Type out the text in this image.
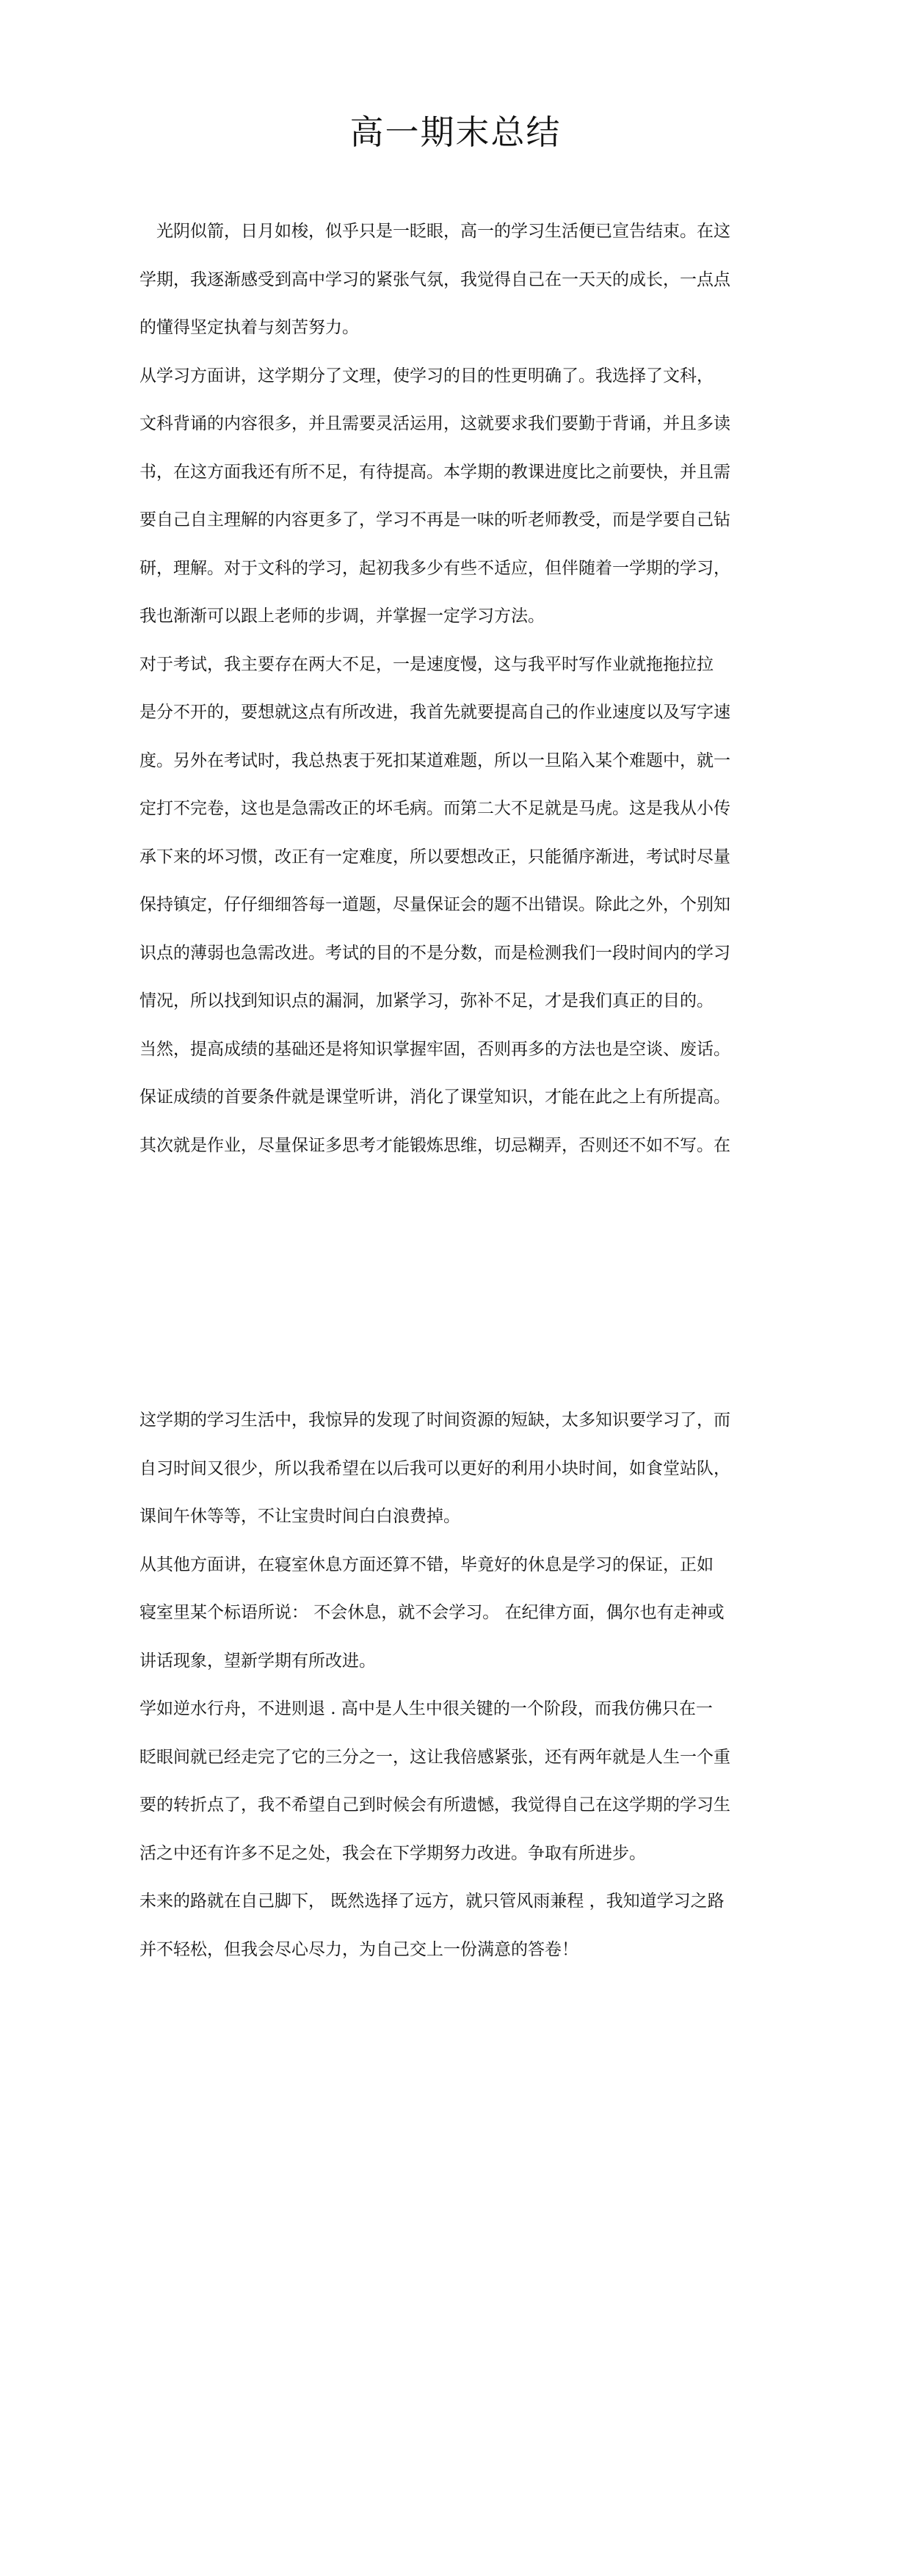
高一期末总结

　光阴似箭，日月如梭，似乎只是一眨眼，高一的学习生活便已宣告结束。在这
学期，我逐渐感受到高中学习的紧张气氛，我觉得自己在一天天的成长，一点点
的懂得坚定执着与刻苦努力。

从学习方面讲，这学期分了文理，使学习的目的性更明确了。我选择了文科，
文科背诵的内容很多，并且需要灵活运用，这就要求我们要勤于背诵，并且多读
书，在这方面我还有所不足，有待提高。本学期的教课进度比之前要快，并且需
要自己自主理解的内容更多了，学习不再是一味的听老师教受，而是学要自己钻
研，理解。对于文科的学习，起初我多少有些不适应，但伴随着一学期的学习，
我也渐渐可以跟上老师的步调，并掌握一定学习方法。

对于考试，我主要存在两大不足，一是速度慢，这与我平时写作业就拖拖拉拉
是分不开的，要想就这点有所改进，我首先就要提高自己的作业速度以及写字速
度。另外在考试时，我总热衷于死扣某道难题，所以一旦陷入某个难题中，就一
定打不完卷，这也是急需改正的坏毛病。而第二大不足就是马虎。这是我从小传
承下来的坏习惯，改正有一定难度，所以要想改正，只能循序渐进，考试时尽量
保持镇定，仔仔细细答每一道题，尽量保证会的题不出错误。除此之外，个别知
识点的薄弱也急需改进。考试的目的不是分数，而是检测我们一段时间内的学习
情况，所以找到知识点的漏洞，加紧学习，弥补不足，才是我们真正的目的。

当然，提高成绩的基础还是将知识掌握牢固，否则再多的方法也是空谈、废话。
保证成绩的首要条件就是课堂听讲，消化了课堂知识，才能在此之上有所提高。
其次就是作业，尽量保证多思考才能锻炼思维，切忌糊弄，否则还不如不写。在

这学期的学习生活中，我惊异的发现了时间资源的短缺，太多知识要学习了，而
自习时间又很少，所以我希望在以后我可以更好的利用小块时间，如食堂站队，
课间午休等等，不让宝贵时间白白浪费掉。

从其他方面讲，在寝室休息方面还算不错，毕竟好的休息是学习的保证，正如
寝室里某个标语所说： 不会休息，就不会学习。 在纪律方面，偶尔也有走神或
讲话现象，望新学期有所改进。

学如逆水行舟，不进则退 . 高中是人生中很关键的一个阶段，而我仿佛只在一
眨眼间就已经走完了它的三分之一，这让我倍感紧张，还有两年就是人生一个重
要的转折点了，我不希望自己到时候会有所遗憾，我觉得自己在这学期的学习生
活之中还有许多不足之处，我会在下学期努力改进。争取有所进步。

未来的路就在自己脚下， 既然选择了远方，就只管风雨兼程 ，我知道学习之路
并不轻松，但我会尽心尽力，为自己交上一份满意的答卷！
